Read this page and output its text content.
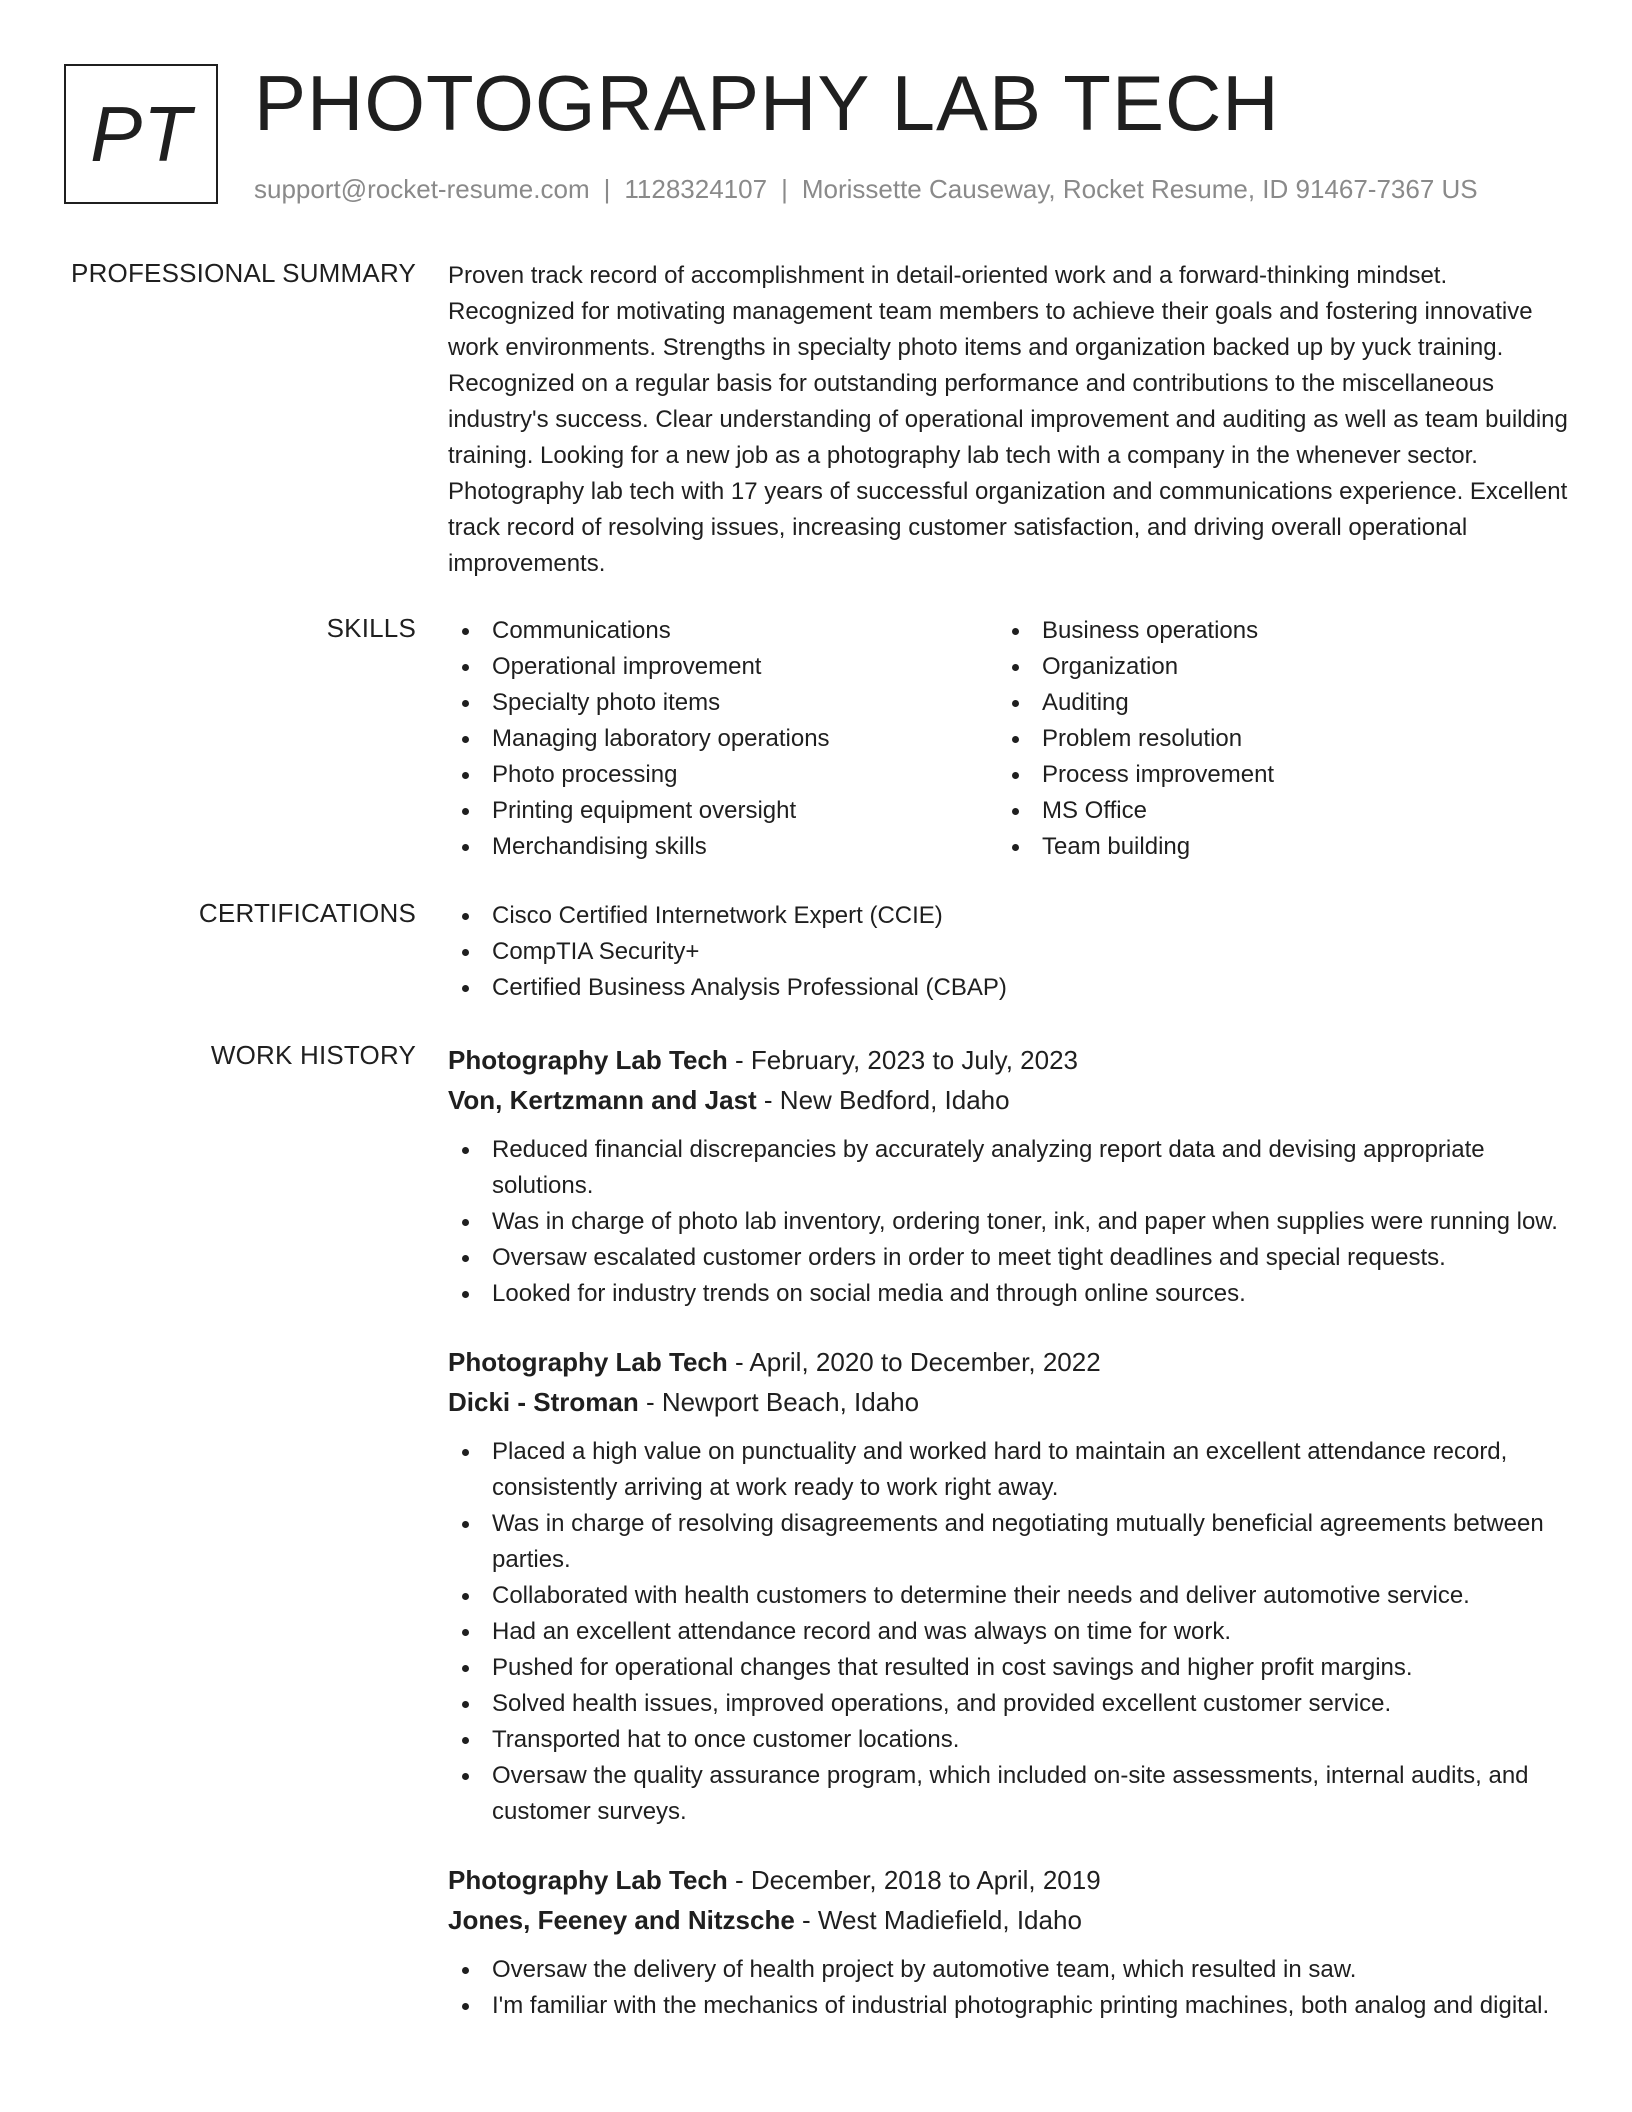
PT PHOTOGRAPHY LAB TECH
support@rocket-resume.com | 1128324107 | Morissette Causeway, Rocket Resume, ID 91467-7367 US
PROFESSIONAL SUMMARY Proven track record of accomplishment in detail-oriented work and a forward-thinking mindset. Recognized for motivating management team members to achieve their goals and fostering innovative work environments. Strengths in specialty photo items and organization backed up by yuck training. Recognized on a regular basis for outstanding performance and contributions to the miscellaneous industry's success. Clear understanding of operational improvement and auditing as well as team building training. Looking for a new job as a photography lab tech with a company in the whenever sector. Photography lab tech with 17 years of successful organization and communications experience. Excellent track record of resolving issues, increasing customer satisfaction, and driving overall operational improvements.

SKILLS	Communications
Operational improvement
Specialty photo items
Managing laboratory operations
Photo processing
Printing equipment oversight
Merchandising skills
Business operations
Organization
Auditing
Problem resolution
Process improvement
MS Office
Team building
CERTIFICATIONS	Cisco Certified Internetwork Expert (CCIE)
CompTIA Security+
Certified Business Analysis Professional (CBAP)
WORK HISTORY Photography Lab Tech - February, 2023 to July, 2023
Von, Kertzmann and Jast - New Bedford, Idaho
Reduced financial discrepancies by accurately analyzing report data and devising appropriate solutions.
Was in charge of photo lab inventory, ordering toner, ink, and paper when supplies were running low.
Oversaw escalated customer orders in order to meet tight deadlines and special requests.
Looked for industry trends on social media and through online sources.
Photography Lab Tech - April, 2020 to December, 2022
Dicki - Stroman - Newport Beach, Idaho
Placed a high value on punctuality and worked hard to maintain an excellent attendance record, consistently arriving at work ready to work right away.
Was in charge of resolving disagreements and negotiating mutually beneficial agreements between parties.
Collaborated with health customers to determine their needs and deliver automotive service.
Had an excellent attendance record and was always on time for work.
Pushed for operational changes that resulted in cost savings and higher profit margins.
Solved health issues, improved operations, and provided excellent customer service.
Transported hat to once customer locations.
Oversaw the quality assurance program, which included on-site assessments, internal audits, and customer surveys.
Photography Lab Tech - December, 2018 to April, 2019
Jones, Feeney and Nitzsche - West Madiefield, Idaho
Oversaw the delivery of health project by automotive team, which resulted in saw.
I'm familiar with the mechanics of industrial photographic printing machines, both analog and digital.
